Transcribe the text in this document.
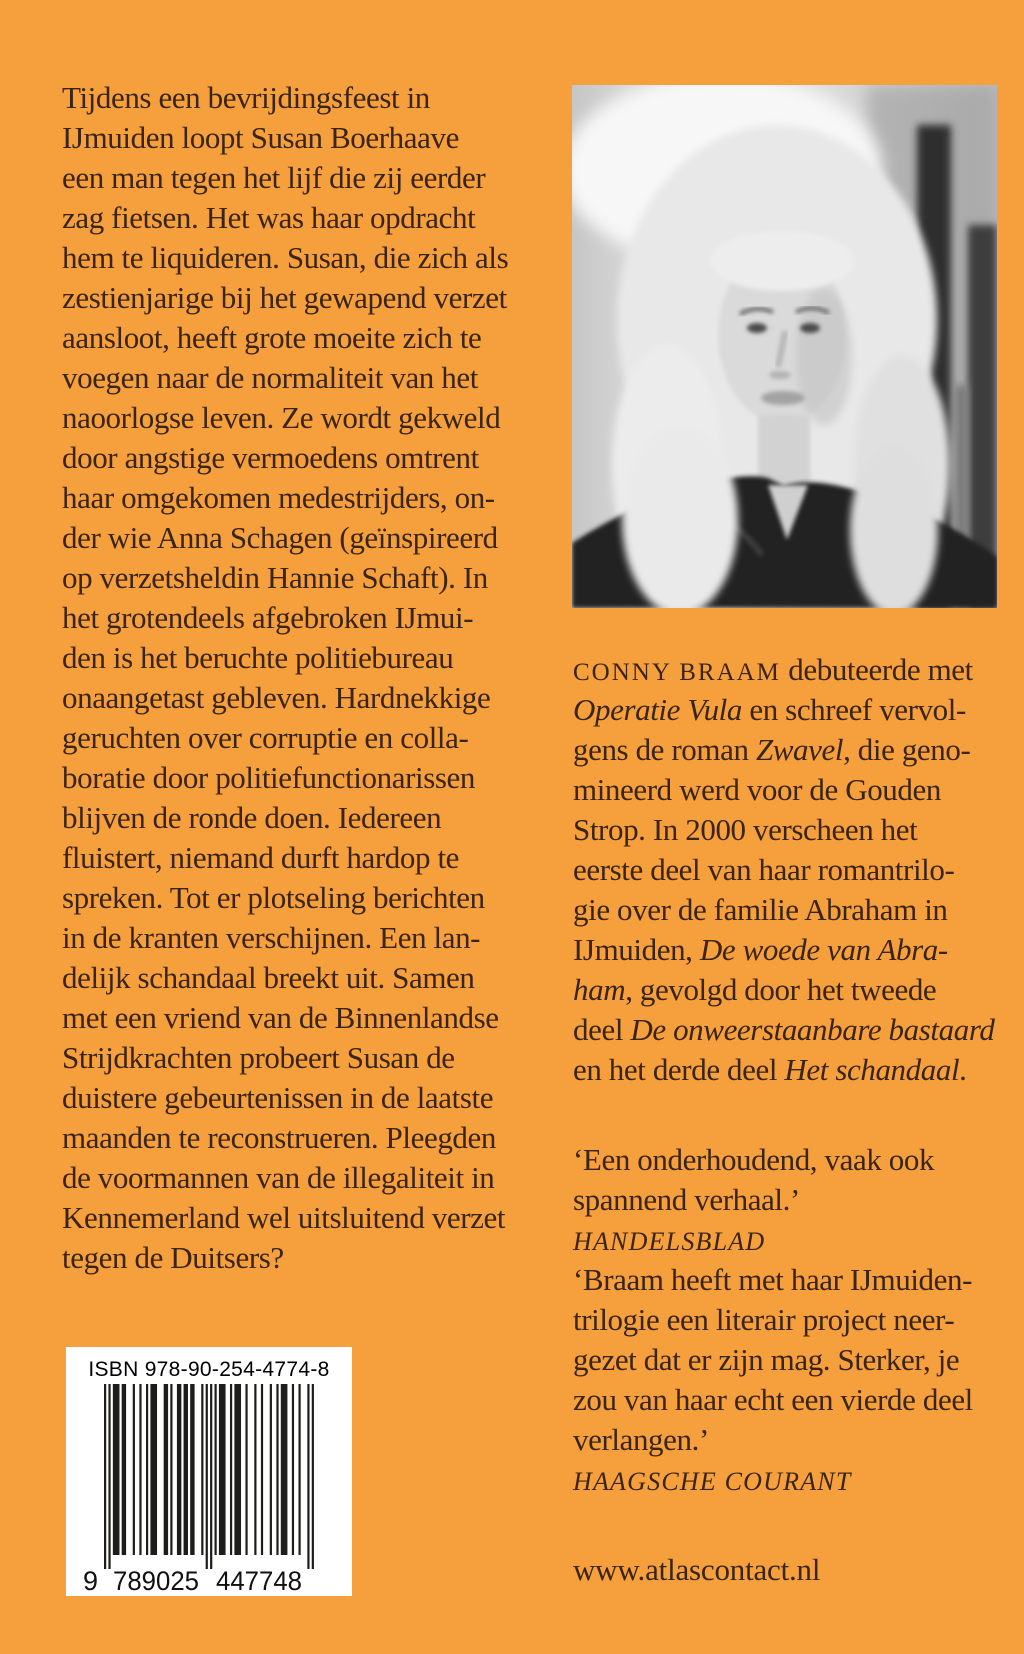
Tijdens een bevrijdingsfeest in
IJmuiden loopt Susan Boerhaave
een man tegen het lijf die zij eerder
zag fietsen. Het was haar opdracht
hem te liquideren. Susan, die zich als
zestienjarige bij het gewapend verzet
aansloot, heeft grote moeite zich te
voegen naar de normaliteit van het
naoorlogse leven. Ze wordt gekweld
door angstige vermoedens omtrent
haar omgekomen medestrijders, on-
der wie Anna Schagen (geïnspireerd
op verzetsheldin Hannie Schaft). In
het grotendeels afgebroken IJmui-
den is het beruchte politiebureau
onaangetast gebleven. Hardnekkige
geruchten over corruptie en colla-
boratie door politiefunctionarissen
blijven de ronde doen. Iedereen
fluistert, niemand durft hardop te
spreken. Tot er plotseling berichten
in de kranten verschijnen. Een lan-
delijk schandaal breekt uit. Samen
met een vriend van de Binnenlandse
Strijdkrachten probeert Susan de
duistere gebeurtenissen in de laatste
maanden te reconstrueren. Pleegden
de voormannen van de illegaliteit in
Kennemerland wel uitsluitend verzet
tegen de Duitsers?
CONNY BRAAM debuteerde met
Operatie Vula en schreef vervol-
gens de roman Zwavel, die geno-
mineerd werd voor de Gouden
Strop. In 2000 verscheen het
eerste deel van haar romantrilo-
gie over de familie Abraham in
IJmuiden, De woede van Abra-
ham, gevolgd door het tweede
deel De onweerstaanbare bastaard
en het derde deel Het schandaal.
‘Een onderhoudend, vaak ook
spannend verhaal.’
HANDELSBLAD
‘Braam heeft met haar IJmuiden-
trilogie een literair project neer-
gezet dat er zijn mag. Sterker, je
zou van haar echt een vierde deel
verlangen.’
HAAGSCHE COURANT
www.atlascontact.nl
9 789025 447748
ISBN 978-90-254-4774-8
